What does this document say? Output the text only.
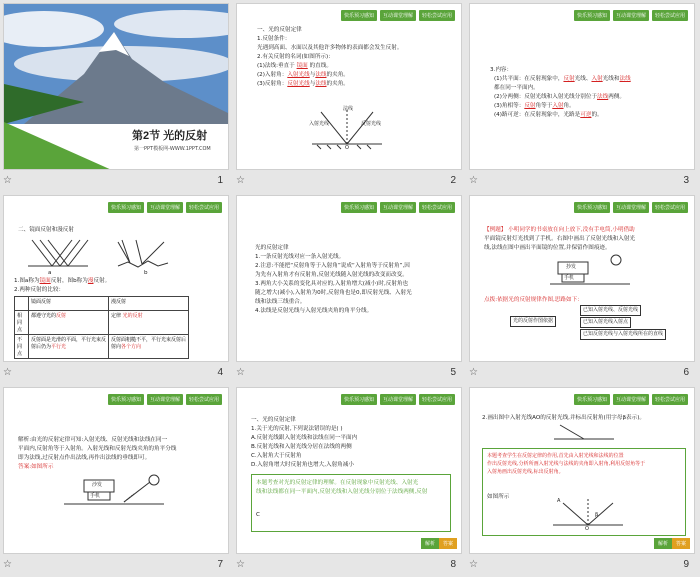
第2节 光的反射
第一PPT模板网-WWW.1PPT.COM
☆	1
快乐预习感知	互动课堂理解	轻松尝试应用
一、光的反射定律
1.反射条件：
光遇到高面、水面以及其他许多物体的表面都会发生反射。
2.有关反射的名词(如图所示)：
(1)法线:垂直于 镜面 的直线。
(2)入射角：入射光线与法线的夹角。
(3)反射角：反射光线与法线的夹角。
入射光线
法线
反射光线
O
☆	2
快乐预习感知	互动课堂理解	轻松尝试应用
3.内容：
(1)共平面：在反射现象中，反射光线、入射光线和法线
都在同一平面内。
(2)分两侧：反射光线和入射光线分别位于法线两侧。
(3)角相等：反射角等于入射角。
(4)路可逆：在反射现象中，光路是可逆的。
☆	3
快乐预习感知	互动课堂理解	轻松尝试应用
二、镜面反射和漫反射
a	b
1.图a称为镜面反射，图b称为漫反射。
2.两种反射的比较：
	镜面反射	漫反射
相同点	都遵守光的反射	定律 光的反射
不同点	反射面是光滑的平面，平行光束反射后仍为平行光	反射面粗糙不平，平行光束反射后射向各个方向
☆	4
快乐预习感知	互动课堂理解	轻松尝试应用
光的反射定律
1.一条反射光线对应一条入射光线。
2.注意:不能把“反射角等于入射角”说成“入射角等于反射角”,因
为先有入射角才有反射角,反射光线随入射光线的改变而改变。
3.两角大小关系的变化具对应的,入射角增大(减小)时,反射角也
随之增大(减小),入射角为0时,反射角也是0,即反射光线、入射光
线和法线三线重合。
4.法线是反射光线与入射光线夹角的角平分线。
☆	5
快乐预习感知	互动课堂理解	轻松尝试应用
【例题】 小明同学的书桌放在向上放下,没有手电筒,小明借助
平面镜反射灯光找到了手机。右图中画出了反射光线和入射光
线,法线在图中画出平面镜的位置,并保留作图痕迹。
抄发
手机
点拨:依据光的反射规律作图,思路如下：
光的反射作图依据
已知入射光线、反射光线
已知入射光线入射点
已知反射光线与入射光线所在的直线
☆	6
快乐预习感知	互动课堂理解	轻松尝试应用
解析:由光的反射定律可知:入射光线、反射光线和法线在同一
平面内,反射角等于入射角。入射光线和反射光线夹角的角平分线
即为法线,过反射点作出法线,再作出法线的垂线即可。
答案:如图所示
沙发
手机
☆	7
快乐预习感知	互动课堂理解	轻松尝试应用
一、光的反射定律
1.关于光的反射,下列说法错误的是( )
A.反射光线跟入射光线和法线在同一平面内
B.反射光线和入射光线分居在法线的两侧
C.入射角大于反射角
D.入射角增大时反射角也增大,入射角减小
本题考查对光的反射定律的理解。在反射现象中反射光线、入射光
线和法线都在同一平面内,反射光线和入射光线分别位于法线两侧,反射
C
解析	答案
☆	8
快乐预习感知	互动课堂理解	轻松尝试应用
2.画出图中入射光线AO的反射光线,并标出反射角(用字母β表示)。
本题考查学生在反射定律的作用,首先由入射光线和法线的位置
作出反射光线,分析所画入射光线与法线的夹角即入射角,利用反射角等于
入射角画出反射光线,标出反射角。
如图所示
A
O
β
解析	答案
☆	9
